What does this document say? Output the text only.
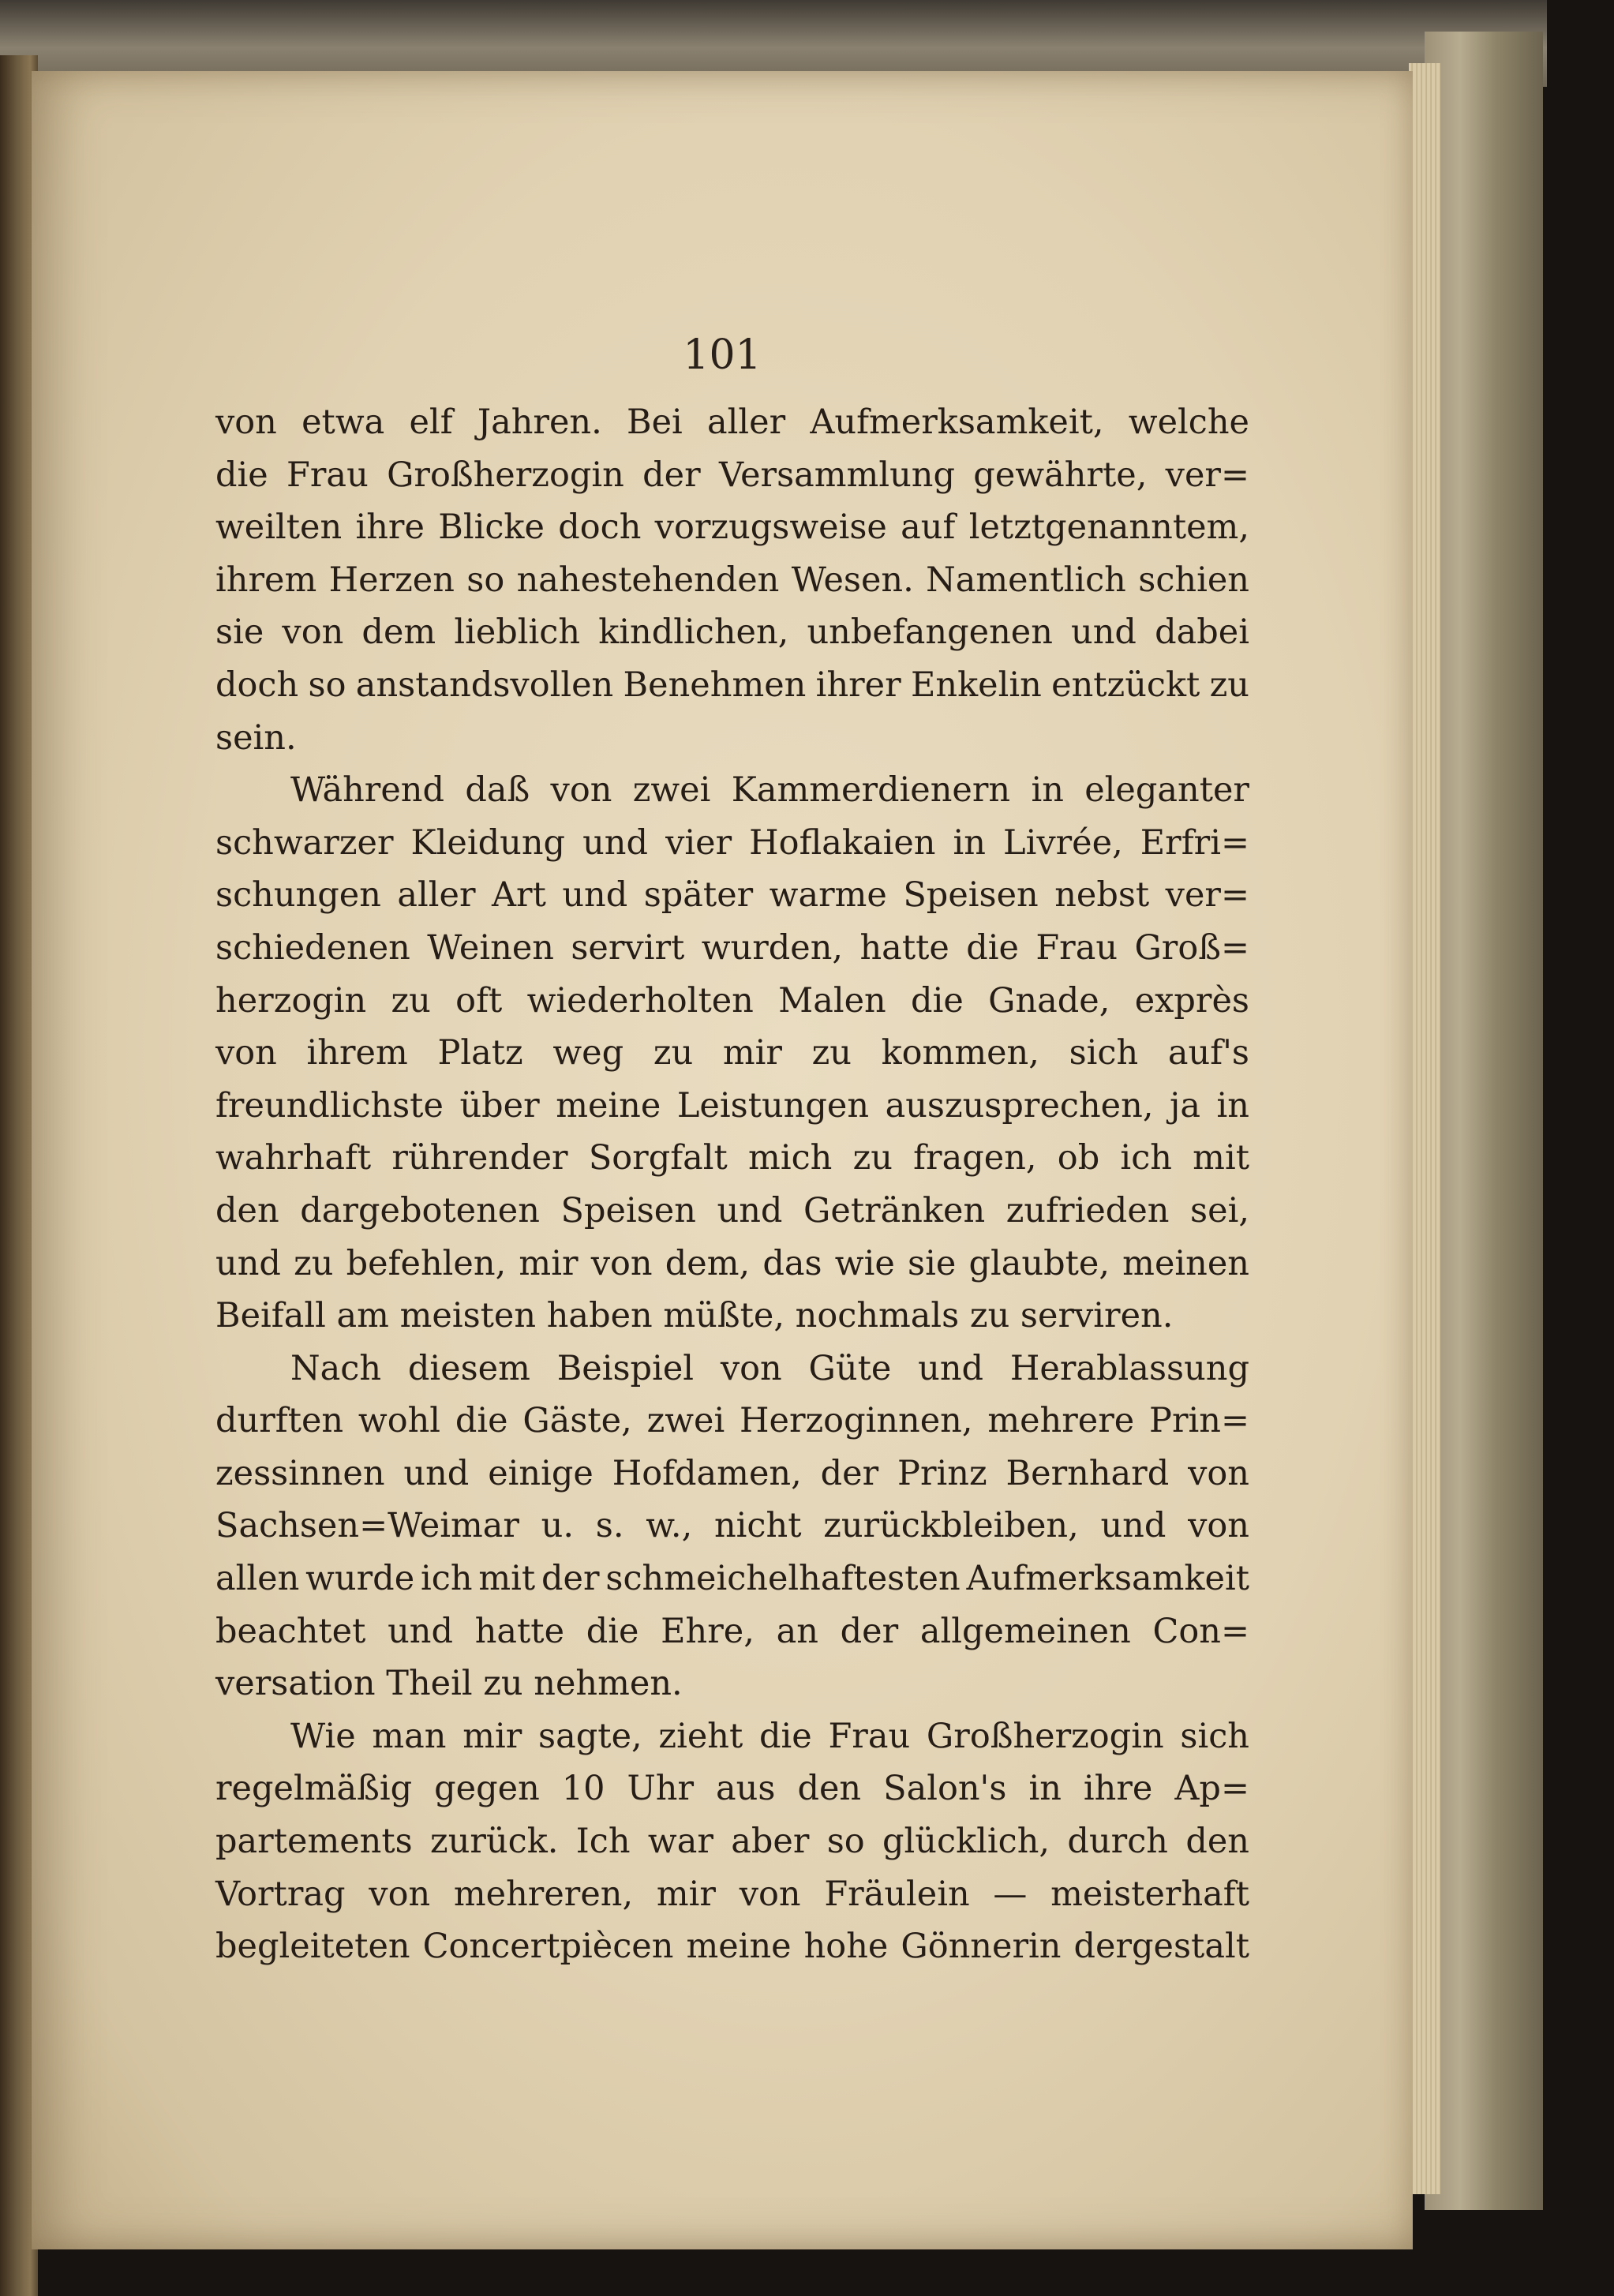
101

von etwa elf Jahren. Bei aller Aufmerksamkeit, welche
die Frau Großherzogin der Versammlung gewährte, ver=
weilten ihre Blicke doch vorzugsweise auf letztgenanntem,
ihrem Herzen so nahestehenden Wesen. Namentlich schien
sie von dem lieblich kindlichen, unbefangenen und dabei
doch so anstandsvollen Benehmen ihrer Enkelin entzückt zu
sein.

Während daß von zwei Kammerdienern in eleganter
schwarzer Kleidung und vier Hoflakaien in Livrée, Erfri=
schungen aller Art und später warme Speisen nebst ver=
schiedenen Weinen servirt wurden, hatte die Frau Groß=
herzogin zu oft wiederholten Malen die Gnade, exprès
von ihrem Platz weg zu mir zu kommen, sich auf's
freundlichste über meine Leistungen auszusprechen, ja in
wahrhaft rührender Sorgfalt mich zu fragen, ob ich mit
den dargebotenen Speisen und Getränken zufrieden sei,
und zu befehlen, mir von dem, das wie sie glaubte, meinen
Beifall am meisten haben müßte, nochmals zu serviren.

Nach diesem Beispiel von Güte und Herablassung
durften wohl die Gäste, zwei Herzoginnen, mehrere Prin=
zessinnen und einige Hofdamen, der Prinz Bernhard von
Sachsen=Weimar u. s. w., nicht zurückbleiben, und von
allen wurde ich mit der schmeichelhaftesten Aufmerksamkeit
beachtet und hatte die Ehre, an der allgemeinen Con=
versation Theil zu nehmen.

Wie man mir sagte, zieht die Frau Großherzogin sich
regelmäßig gegen 10 Uhr aus den Salon's in ihre Ap=
partements zurück. Ich war aber so glücklich, durch den
Vortrag von mehreren, mir von Fräulein — meisterhaft
begleiteten Concertpiècen meine hohe Gönnerin dergestalt
